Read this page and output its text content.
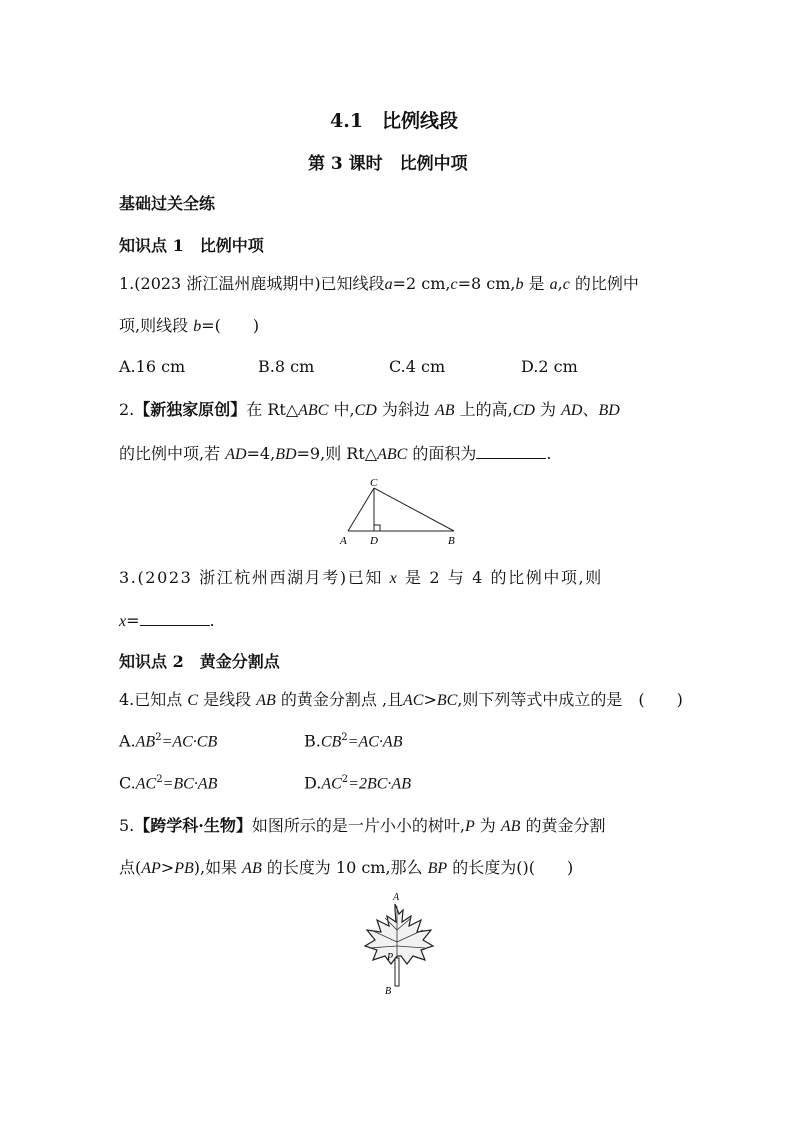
4.1　比例线段
第 3 课时　比例中项
基础过关全练
知识点 1　比例中项
1.(2023 浙江温州鹿城期中)已知线段a=2 cm,c=8 cm,b 是 a,c 的比例中
项,则线段 b=(　　)
A.16 cm	B.8 cm	C.4 cm	D.2 cm
2.【新独家原创】在 Rt△ABC 中,CD 为斜边 AB 上的高,CD 为 AD、BD
的比例中项,若 AD=4,BD=9,则 Rt△ABC 的面积为	.
C
A D	B
3.(2023 浙江杭州西湖月考)已知 x 是 2 与 4 的比例中项,则
x=	.
知识点 2　黄金分割点
4.已知点 C 是线段 AB 的黄金分割点 ,且AC>BC,则下列等式中成立的是　(　　)
$A.AB^2=AC\cdot CB$	$B.CB^2=AC\cdot AB$
$C.AC^2=BC\cdot AB$	$D.AC^2=2BC\cdot AB$
5.【跨学科·生物】如图所示的是一片小小的树叶,P 为 AB 的黄金分割
点(AP>PB),如果 AB 的长度为 10 cm,那么 BP 的长度为()(　　)
A
P
B
